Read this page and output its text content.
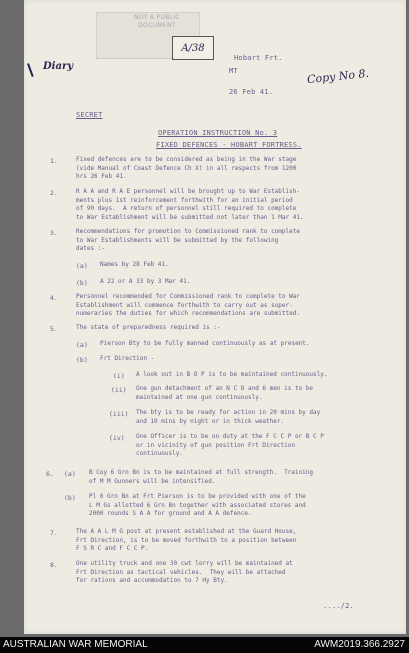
NOT A PUBLIC DOCUMENT
A/38
Diary
Copy No 8.
Hobart Frt.
MT
26 Feb 41.
SECRET
OPERATION INSTRUCTION No. 3
FIXED DEFENCES - HOBART FORTRESS.
1.	Fixed defences are to be considered as being in the War stage
(vide Manual of Coast Defence Ch X) in all respects from 1200
hrs 26 Feb 41.
2.	R A A and R A E personnel will be brought up to War Establish-
ments plus 1st reinforcement forthwith for an initial period
of 90 days.  A return of personnel still required to complete
to War Establishment will be submitted not later than 1 Mar 41.
3.	Recommendations for promotion to Commissioned rank to complete
to War Establishments will be submitted by the following
dates :-
(a) Names by 28 Feb 41.
(b) A 22 or A 33 by 3 Mar 41.
4.	Personnel recommended for Commissioned rank to complete to War
Establishment will commence forthwith to carry out as super-
numeraries the duties for which recommendations are submitted.
5.	The state of preparedness required is :-
(a) Pierson Bty to be fully manned continuously as at present.
(b) Frt Direction -
(i) A look out in B O P is to be maintained continuously.
(ii) One gun detachment of an N C O and 6 men is to be
maintained at one gun continuously.
(iii) The bty is to be ready for action in 20 mins by day
and 10 mins by night or in thick weather.
(iv) One Officer is to be on duty at the F C C P or B C P
or in vicinity of gun position Frt Direction
continuously.
6. (a) B Coy 6 Grn Bn is to be maintained at full strength.  Training
of M M Gunners will be intensified.
(b) Pl 6 Grn Bn at Frt Pierson is to be provided with one of the
L M Gs allotted 6 Grn Bn together with associated stores and
2000 rounds S A A for ground and A A defence.
7.	The A A L M G post at present established at the Guard House,
Frt Direction, is to be moved forthwith to a position between
F S R C and F C C P.
8.	One utility truck and one 30 cwt lorry will be maintained at
Frt Direction as tactical vehicles.  They will be attached
for rations and accommodation to 7 Hy Bty.
..../2.
AUSTRALIAN WAR MEMORIAL	AWM2019.366.2927
